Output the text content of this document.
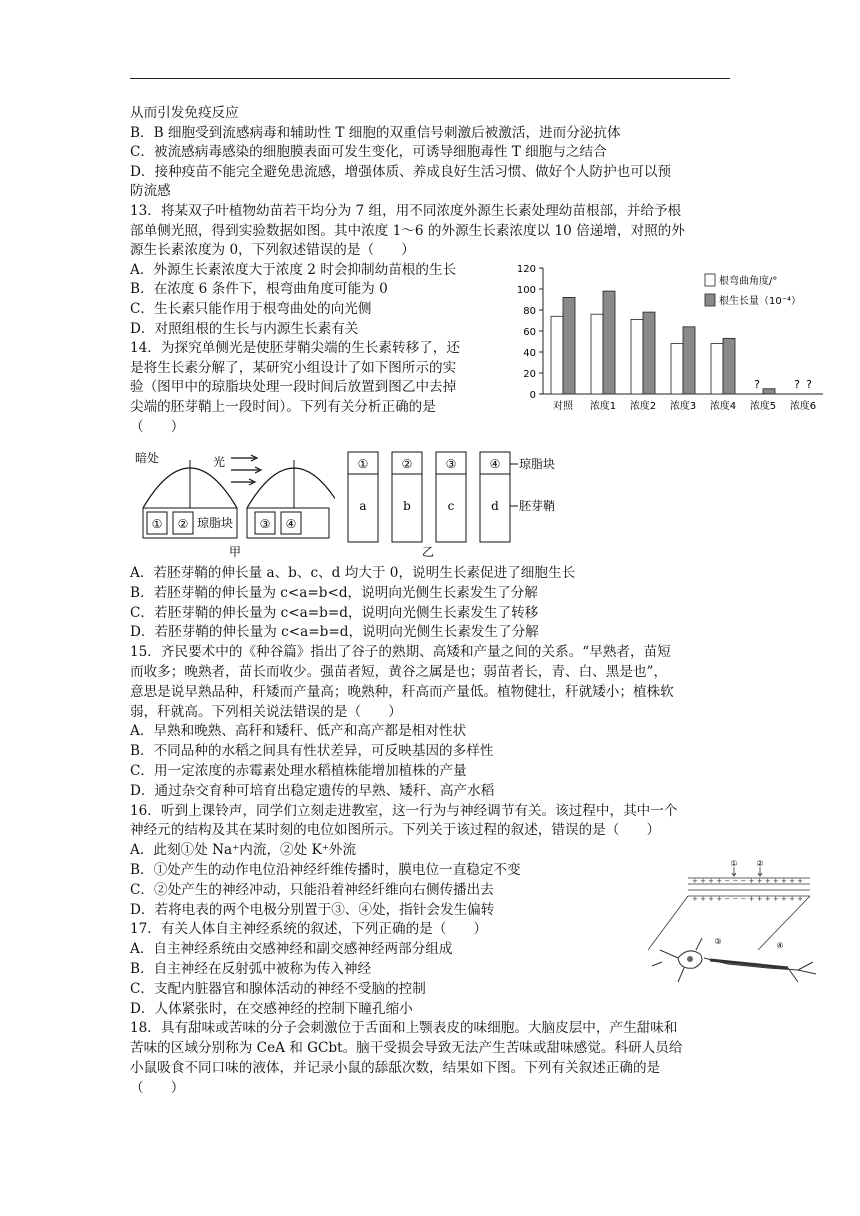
从而引发免疫反应
B．B 细胞受到流感病毒和辅助性 T 细胞的双重信号刺激后被激活，进而分泌抗体
C．被流感病毒感染的细胞膜表面可发生变化，可诱导细胞毒性 T 细胞与之结合
D．接种疫苗不能完全避免患流感，增强体质、养成良好生活习惯、做好个人防护也可以预
防流感
13．将某双子叶植物幼苗若干均分为 7 组，用不同浓度外源生长素处理幼苗根部，并给予根
部单侧光照，得到实验数据如图。其中浓度 1～6 的外源生长素浓度以 10 倍递增，对照的外
源生长素浓度为 0，下列叙述错误的是（　　）
A．外源生长素浓度大于浓度 2 时会抑制幼苗根的生长
B．在浓度 6 条件下，根弯曲角度可能为 0
C．生长素只能作用于根弯曲处的向光侧
D．对照组根的生长与内源生长素有关
14．为探究单侧光是使胚芽鞘尖端的生长素转移了，还
是将生长素分解了，某研究小组设计了如下图所示的实
验（图甲中的琼脂块处理一段时间后放置到图乙中去掉
尖端的胚芽鞘上一段时间）。下列有关分析正确的是
（　　）
A．若胚芽鞘的伸长量 a、b、c、d 均大于 0，说明生长素促进了细胞生长
B．若胚芽鞘的伸长量为 c<a=b<d，说明向光侧生长素发生了分解
C．若胚芽鞘的伸长量为 c<a=b=d，说明向光侧生长素发生了转移
D．若胚芽鞘的伸长量为 c<a=b=d，说明向光侧生长素发生了分解
15．齐民要术中的《种谷篇》指出了谷子的熟期、高矮和产量之间的关系。“早熟者，苗短
而收多；晚熟者，苗长而收少。强苗者短，黄谷之属是也；弱苗者长，青、白、黑是也”，
意思是说早熟品种，秆矮而产量高；晚熟种，秆高而产量低。植物健壮，秆就矮小；植株软
弱，秆就高。下列相关说法错误的是（　　）
A．早熟和晚熟、高秆和矮秆、低产和高产都是相对性状
B．不同品种的水稻之间具有性状差异，可反映基因的多样性
C．用一定浓度的赤霉素处理水稻植株能增加植株的产量
D．通过杂交育种可培育出稳定遗传的早熟、矮秆、高产水稻
16．听到上课铃声，同学们立刻走进教室，这一行为与神经调节有关。该过程中，其中一个
神经元的结构及其在某时刻的电位如图所示。下列关于该过程的叙述，错误的是（　　）
A．此刻①处 Na⁺内流，②处 K⁺外流
B．①处产生的动作电位沿神经纤维传播时，膜电位一直稳定不变
C．②处产生的神经冲动，只能沿着神经纤维向右侧传播出去
D．若将电表的两个电极分别置于③、④处，指针会发生偏转
17．有关人体自主神经系统的叙述，下列正确的是（　　）
A．自主神经系统由交感神经和副交感神经两部分组成
B．自主神经在反射弧中被称为传入神经
C．支配内脏器官和腺体活动的神经不受脑的控制
D．人体紧张时，在交感神经的控制下瞳孔缩小
18．具有甜味或苦味的分子会刺激位于舌面和上颚表皮的味细胞。大脑皮层中，产生甜味和
苦味的区域分别称为 CeA 和 GCbt。脑干受损会导致无法产生苦味或甜味感觉。科研人员给
小鼠吸食不同口味的液体，并记录小鼠的舔舐次数，结果如下图。下列有关叙述正确的是
（　　）
0
20
40
60
80
100
120
对照 浓度1 浓度2 浓度3 浓度4 浓度5 浓度6
?	? ?
根弯曲角度/°
根生长量（10⁻⁴）
① ②	③ ④
琼脂块
暗处	光
甲
①	②	③	④
a	b	c	d
琼脂块
胚芽鞘
乙
+ + + + − − − + + + + + + +
+ + + + − − − + + + + + + +
① ②
③	④
